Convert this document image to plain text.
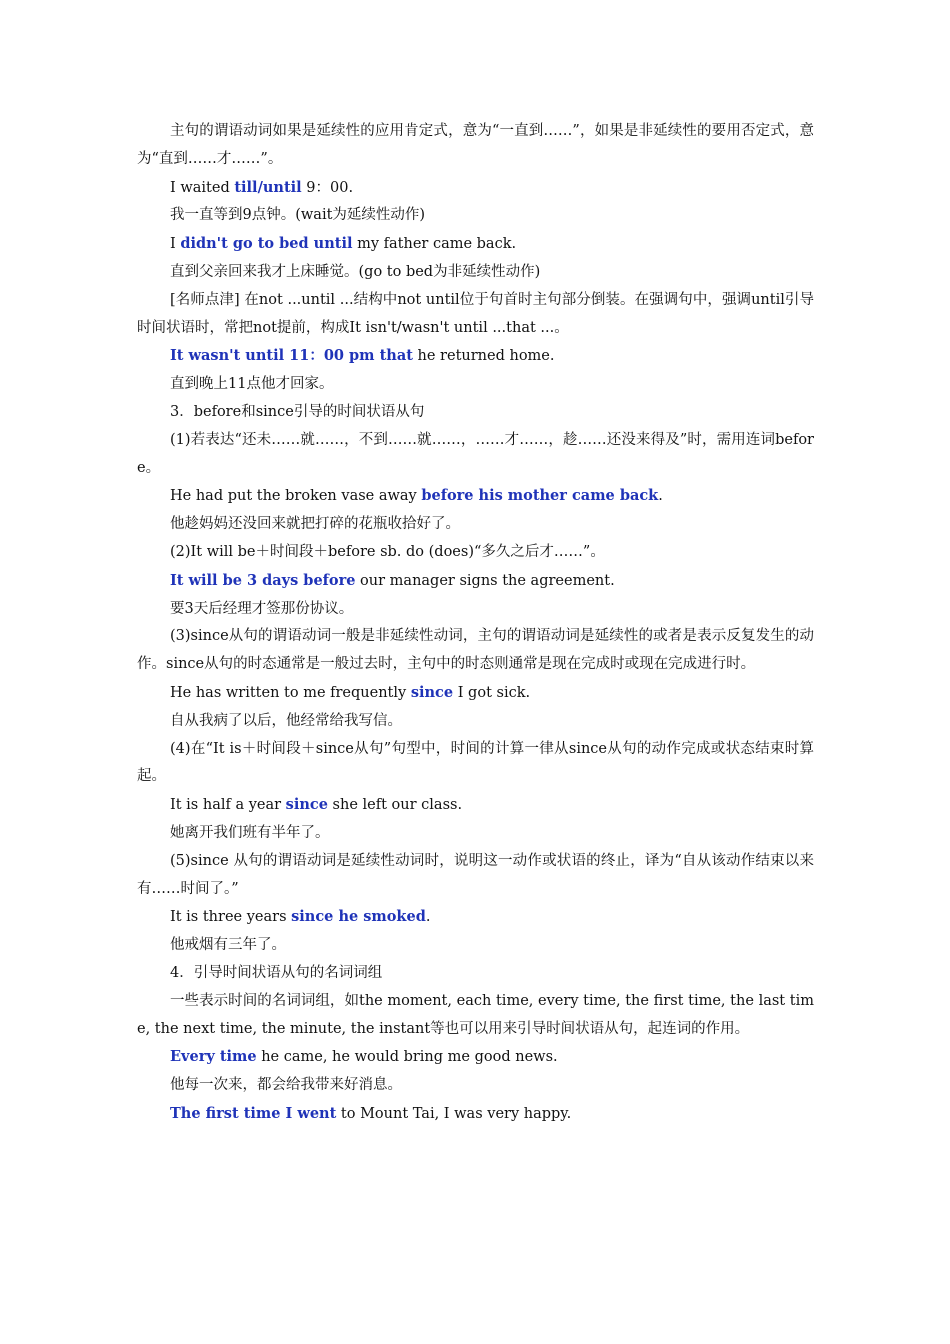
主句的谓语动词如果是延续性的应用肯定式，意为“一直到……”，如果是非延续性的要用否定式，意为“直到……才……”。

I waited till/until 9：00.

我一直等到9点钟。(wait为延续性动作)

I didn't go to bed until my father came back.

直到父亲回来我才上床睡觉。(go to bed为非延续性动作)

[名师点津] 在not ...until ...结构中not until位于句首时主句部分倒装。在强调句中，强调until引导时间状语时，常把not提前，构成It isn't/wasn't until ...that ...。

It wasn't until 11：00 pm that he returned home.

直到晚上11点他才回家。

3．before和since引导的时间状语从句

(1)若表达“还未……就……，不到……就……，……才……，趁……还没来得及”时，需用连词before。

He had put the broken vase away before his mother came back.

他趁妈妈还没回来就把打碎的花瓶收拾好了。

(2)It will be＋时间段＋before sb. do (does)“多久之后才……”。

It will be 3 days before our manager signs the agreement.

要3天后经理才签那份协议。

(3)since从句的谓语动词一般是非延续性动词，主句的谓语动词是延续性的或者是表示反复发生的动作。since从句的时态通常是一般过去时，主句中的时态则通常是现在完成时或现在完成进行时。

He has written to me frequently since I got sick.

自从我病了以后，他经常给我写信。

(4)在“It is＋时间段＋since从句”句型中，时间的计算一律从since从句的动作完成或状态结束时算起。

It is half a year since she left our class.

她离开我们班有半年了。

(5)since 从句的谓语动词是延续性动词时，说明这一动作或状语的终止，译为“自从该动作结束以来有……时间了。”

It is three years since he smoked.

他戒烟有三年了。

4．引导时间状语从句的名词词组

一些表示时间的名词词组，如the moment, each time, every time, the first time, the last time, the next time, the minute, the instant等也可以用来引导时间状语从句，起连词的作用。

Every time he came, he would bring me good news.

他每一次来，都会给我带来好消息。

The first time I went to Mount Tai, I was very happy.
